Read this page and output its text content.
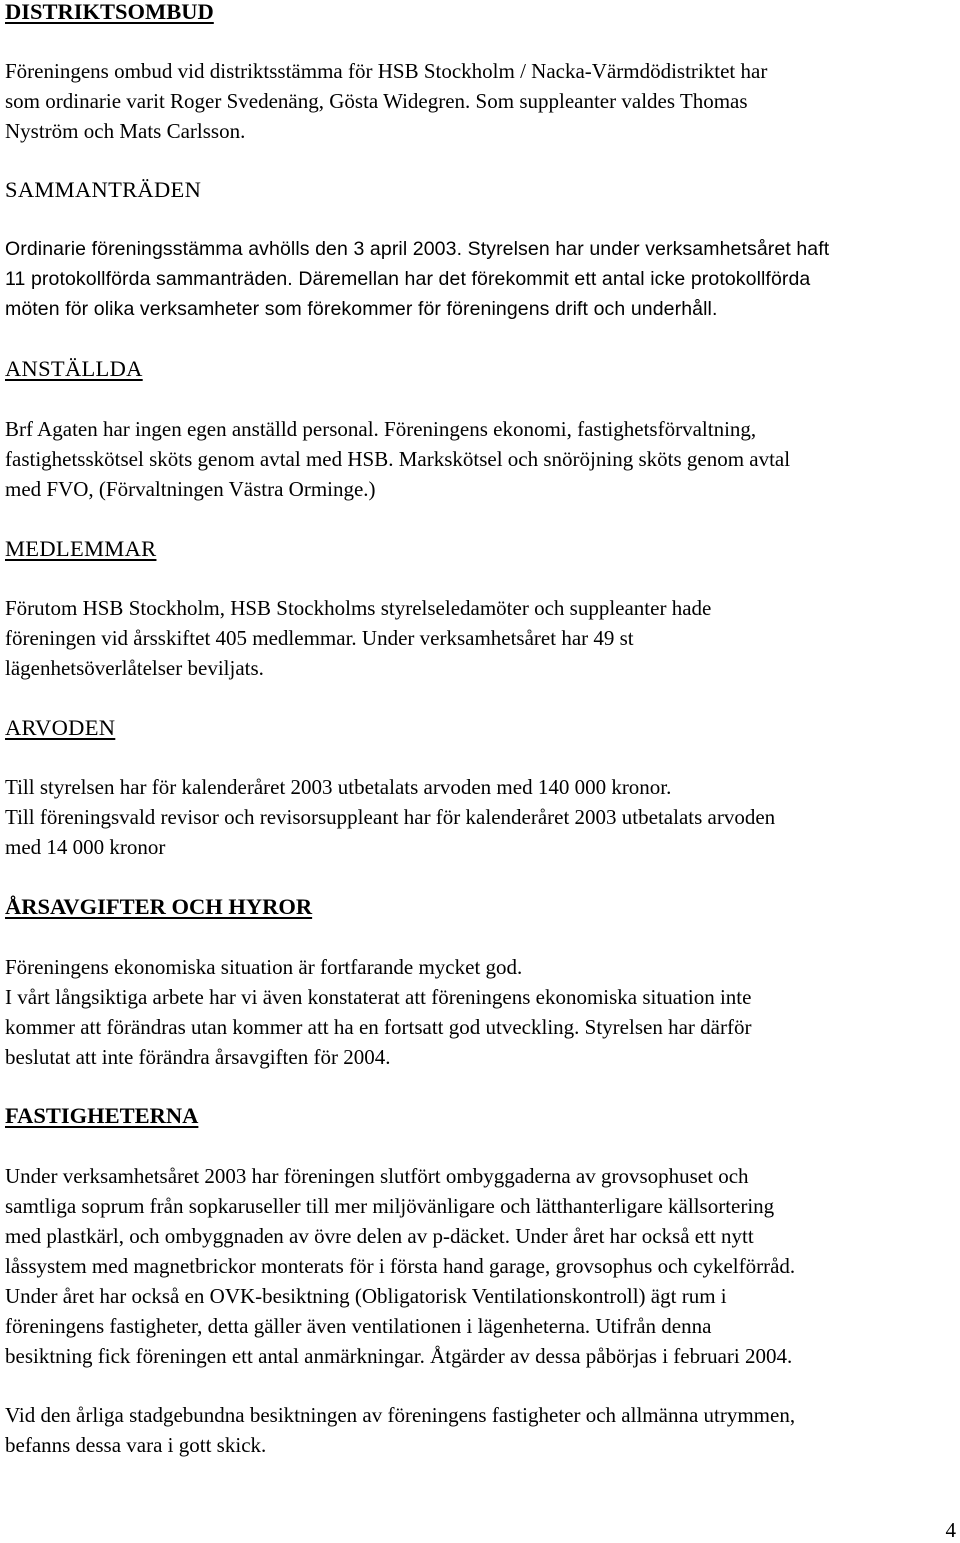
DISTRIKTSOMBUD

Föreningens ombud vid distriktsstämma för HSB Stockholm / Nacka-Värmdödistriktet har
som ordinarie varit Roger Svedenäng, Gösta Widegren. Som suppleanter valdes Thomas
Nyström och Mats Carlsson.

SAMMANTRÄDEN

Ordinarie föreningsstämma avhölls den 3 april 2003. Styrelsen har under verksamhetsåret haft
11 protokollförda sammanträden. Däremellan har det förekommit ett antal icke protokollförda
möten för olika verksamheter som förekommer för föreningens drift och underhåll.

ANSTÄLLDA

Brf Agaten har ingen egen anställd personal. Föreningens ekonomi, fastighetsförvaltning,
fastighetsskötsel sköts genom avtal med HSB. Markskötsel och snöröjning sköts genom avtal
med FVO, (Förvaltningen Västra Orminge.)

MEDLEMMAR

Förutom HSB Stockholm, HSB Stockholms styrelseledamöter och suppleanter hade
föreningen vid årsskiftet 405 medlemmar. Under verksamhetsåret har 49 st
lägenhetsöverlåtelser beviljats.

ARVODEN

Till styrelsen har för kalenderåret 2003 utbetalats arvoden med 140 000 kronor.
Till föreningsvald revisor och revisorsuppleant har för kalenderåret 2003 utbetalats arvoden
med 14 000 kronor

ÅRSAVGIFTER OCH HYROR

Föreningens ekonomiska situation är fortfarande mycket god.
I vårt långsiktiga arbete har vi även konstaterat att föreningens ekonomiska situation inte
kommer att förändras utan kommer att ha en fortsatt god utveckling. Styrelsen har därför
beslutat att inte förändra årsavgiften för 2004.

FASTIGHETERNA

Under verksamhetsåret 2003 har föreningen slutfört ombyggaderna av grovsophuset och
samtliga soprum från sopkaruseller till mer miljövänligare och lätthanterligare källsortering
med plastkärl, och ombyggnaden av övre delen av p-däcket. Under året har också ett nytt
låssystem med magnetbrickor monterats för i första hand garage, grovsophus och cykelförråd.
Under året har också en OVK-besiktning (Obligatorisk Ventilationskontroll) ägt rum i
föreningens fastigheter, detta gäller även ventilationen i lägenheterna. Utifrån denna
besiktning fick föreningen ett antal anmärkningar. Åtgärder av dessa påbörjas i februari 2004.

Vid den årliga stadgebundna besiktningen av föreningens fastigheter och allmänna utrymmen,
befanns dessa vara i gott skick.

4
